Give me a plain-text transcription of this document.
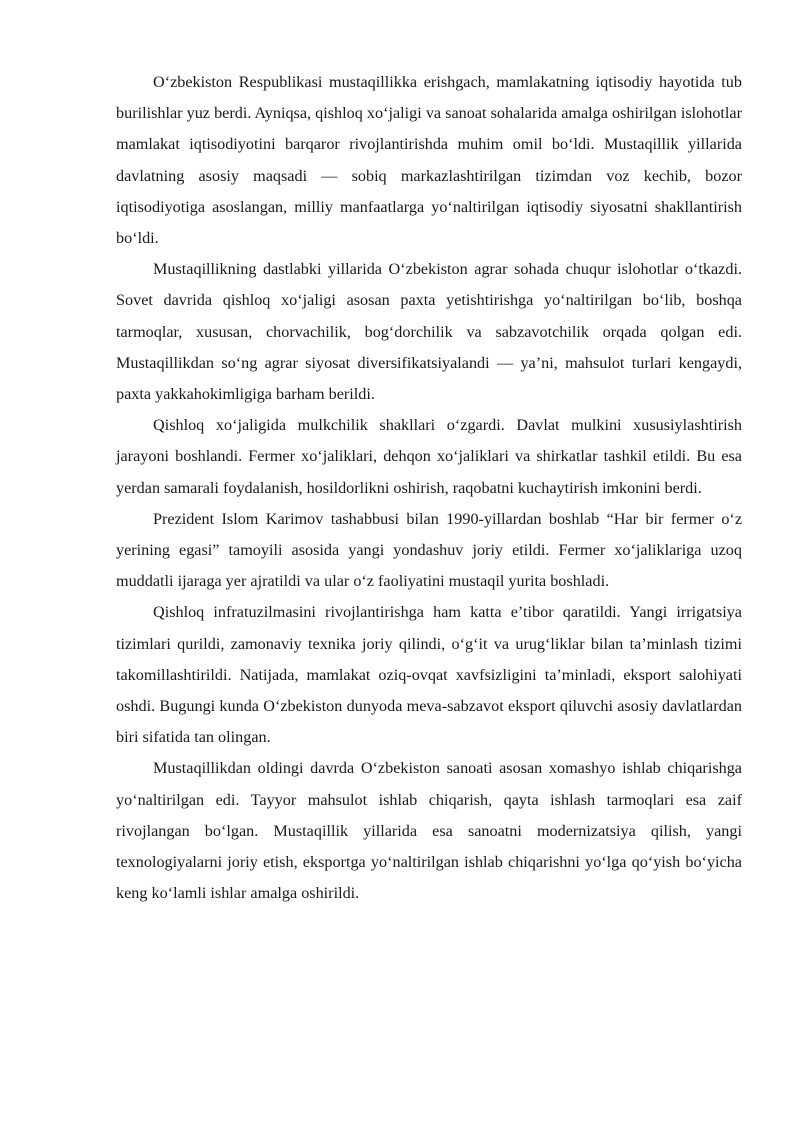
O‘zbekiston Respublikasi mustaqillikka erishgach, mamlakatning iqtisodiy hayotida tub burilishlar yuz berdi. Ayniqsa, qishloq xo‘jaligi va sanoat sohalarida amalga oshirilgan islohotlar mamlakat iqtisodiyotini barqaror rivojlantirishda muhim omil bo‘ldi. Mustaqillik yillarida davlatning asosiy maqsadi — sobiq markazlashtirilgan tizimdan voz kechib, bozor iqtisodiyotiga asoslangan, milliy manfaatlarga yo‘naltirilgan iqtisodiy siyosatni shakllantirish bo‘ldi.

Mustaqillikning dastlabki yillarida O‘zbekiston agrar sohada chuqur islohotlar o‘tkazdi. Sovet davrida qishloq xo‘jaligi asosan paxta yetishtirishga yo‘naltirilgan bo‘lib, boshqa tarmoqlar, xususan, chorvachilik, bog‘dorchilik va sabzavotchilik orqada qolgan edi. Mustaqillikdan so‘ng agrar siyosat diversifikatsiyalandi — ya’ni, mahsulot turlari kengaydi, paxta yakkahokimligiga barham berildi.

Qishloq xo‘jaligida mulkchilik shakllari o‘zgardi. Davlat mulkini xususiylashtirish jarayoni boshlandi. Fermer xo‘jaliklari, dehqon xo‘jaliklari va shirkatlar tashkil etildi. Bu esa yerdan samarali foydalanish, hosildorlikni oshirish, raqobatni kuchaytirish imkonini berdi.

Prezident Islom Karimov tashabbusi bilan 1990-yillardan boshlab “Har bir fermer o‘z yerining egasi” tamoyili asosida yangi yondashuv joriy etildi. Fermer xo‘jaliklariga uzoq muddatli ijaraga yer ajratildi va ular o‘z faoliyatini mustaqil yurita boshladi.

Qishloq infratuzilmasini rivojlantirishga ham katta e’tibor qaratildi. Yangi irrigatsiya tizimlari qurildi, zamonaviy texnika joriy qilindi, o‘g‘it va urug‘liklar bilan ta’minlash tizimi takomillashtirildi. Natijada, mamlakat oziq-ovqat xavfsizligini ta’minladi, eksport salohiyati oshdi. Bugungi kunda O‘zbekiston dunyoda meva-sabzavot eksport qiluvchi asosiy davlatlardan biri sifatida tan olingan.

Mustaqillikdan oldingi davrda O‘zbekiston sanoati asosan xomashyo ishlab chiqarishga yo‘naltirilgan edi. Tayyor mahsulot ishlab chiqarish, qayta ishlash tarmoqlari esa zaif rivojlangan bo‘lgan. Mustaqillik yillarida esa sanoatni modernizatsiya qilish, yangi texnologiyalarni joriy etish, eksportga yo‘naltirilgan ishlab chiqarishni yo‘lga qo‘yish bo‘yicha keng ko‘lamli ishlar amalga oshirildi.
